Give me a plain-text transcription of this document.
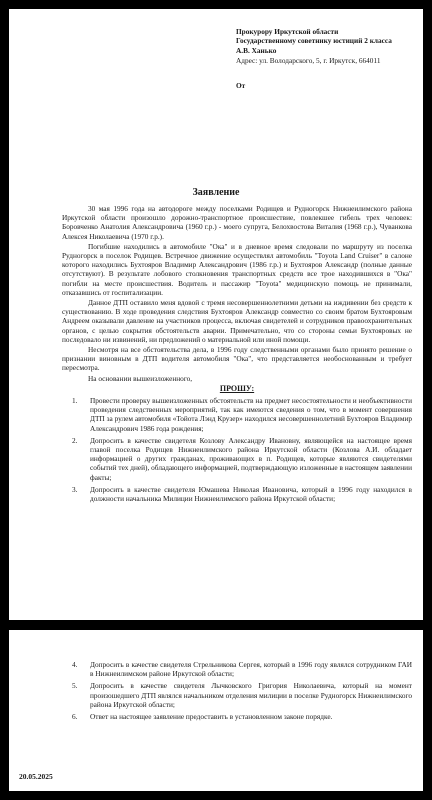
Прокурору Иркутской области
Государственному советнику юстиций 2 класса
А.В. Ханько
Адрес: ул. Володарского, 5, г. Иркутск, 664011
От
Заявление

30 мая 1996 года на автодороге между поселками Родищев и Рудногорск Нижнеилимского района Иркутской области произошло дорожно-транспортное происшествие, повлекшее гибель трех человек: Боровченко Анатолия Александровича (1960 г.р.) - моего супруга, Белохвостова Виталия (1968 г.р.), Чуванкова Алексея Николаевича (1970 г.р.).

Погибшие находились в автомобиле "Ока" и в дневное время следовали по маршруту из поселка Рудногорск в поселок Родищев. Встречное движение осуществлял автомобиль "Toyota Land Cruiser" в салоне которого находились Бухтояров Владимир Александрович (1986 г.р.) и Бухтояров Александр (полные данные отсутствуют). В результате лобового столкновения транспортных средств все трое находившихся в "Ока" погибли на месте происшествия. Водитель и пассажир "Toyota" медицинскую помощь не принимали, отказавшись от госпитализации.

Данное ДТП оставило меня вдовой с тремя несовершеннолетними детьми на иждивении без средств к существованию. В ходе проведения следствия Бухтояров Александр совместно со своим братом Бухтояровым Андреем оказывали давление на участников процесса, включая свидетелей и сотрудников правоохранительных органов, с целью сокрытия обстоятельств аварии. Примечательно, что со стороны семьи Бухтояровых не последовало ни извинений, ни предложений о материальной или иной помощи.

Несмотря на все обстоятельства дела, в 1996 году следственными органами было принято решение о признании виновным в ДТП водителя автомобиля "Ока", что представляется необоснованным и требует пересмотра.

На основании вышеизложенного,

ПРОШУ:
1. Провести проверку вышеизложенных обстоятельств на предмет несостоятельности и необъективности проведения следственных мероприятий, так как имеются сведения о том, что в момент совершения ДТП за рулем автомобиля «Тойота Лэнд Крузер» находился несовершеннолетний Бухтояров Владимир Александрович 1986 года рождения;
2. Допросить в качестве свидетеля Козлову Александру Ивановну, являющейся на настоящее время главой поселка Родищев Нижнеилимского района Иркутской области (Козлова А.И. обладает информацией о других гражданах, проживающих в п. Родищев, которые являются свидетелями событий тех дней), обладающего информацией, подтверждающую изложенные в настоящем заявлении факты;
3. Допросить в качестве свидетеля Юмашева Николая Ивановича, который в 1996 году находился в должности начальника Милиции Нижнеилимского района Иркутской области;
4. Допросить в качестве свидетеля Стрельникова Сергея, который в 1996 году являлся сотрудником ГАИ в Нижнеилимском районе Иркутской области;
5. Допросить в качестве свидетеля Лычковского Григория Николаевича, который на момент произошедшего ДТП являлся начальником отделения милиции в поселке Рудногорск Нижнеилимского района Иркутской области;
6. Ответ на настоящее заявление предоставить в установленном законе порядке.
20.05.2025
